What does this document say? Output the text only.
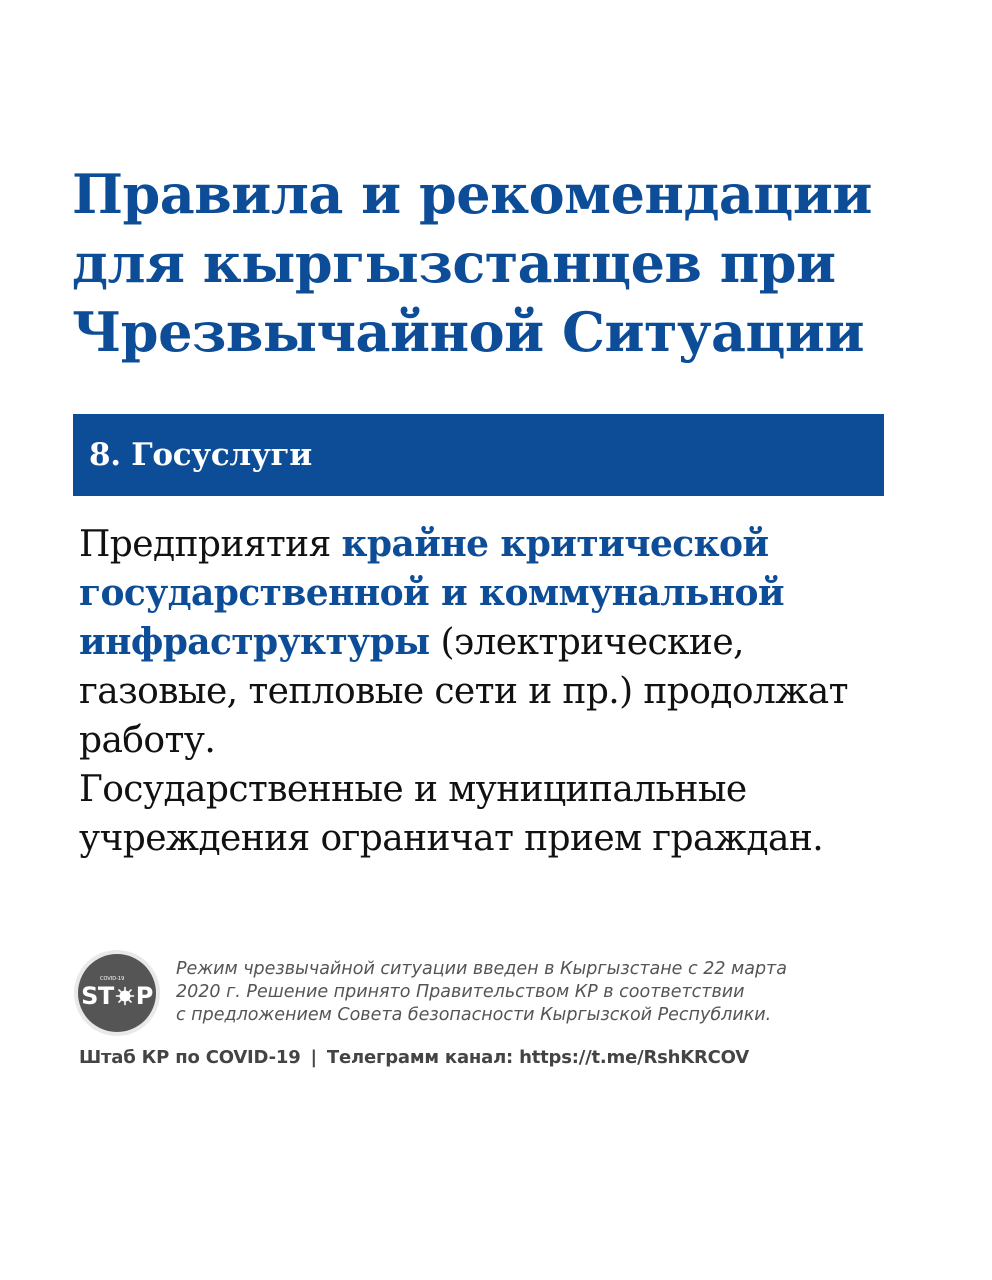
Правила и рекомендации
для кыргызстанцев при
Чрезвычайной Ситуации
8. Госуслуги
Предприятия крайне критической
государственной и коммунальной
инфраструктуры (электрические,
газовые, тепловые сети и пр.) продолжат
работу.
Государственные и муниципальные
учреждения ограничат прием граждан.
COVID-19
ST P

Режим чрезвычайной ситуации введен в Кыргызстане с 22 марта
2020 г. Решение принято Правительством КР в соответствии
с предложением Совета безопасности Кыргызской Республики.

Штаб КР по COVID-19 | Телеграмм канал: https://t.me/RshKRCOV
